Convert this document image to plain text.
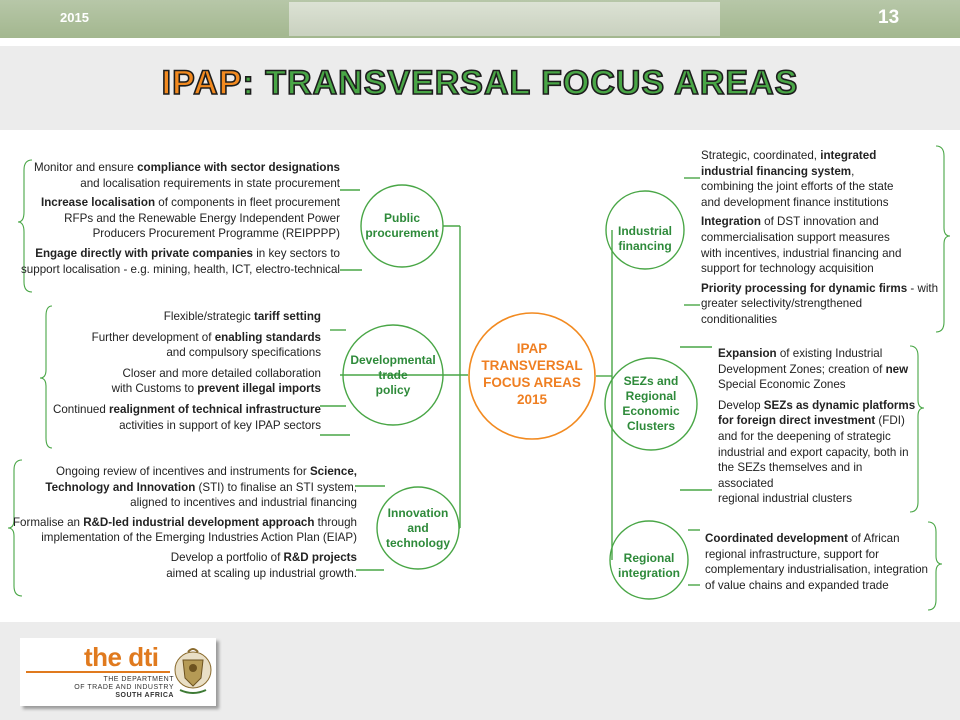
2015	13
IPAP: TRANSVERSAL FOCUS AREAS
IPAP
TRANSVERSAL
FOCUS AREAS
2015
Public
procurement
Developmental
trade
policy
Innovation
and
technology
Industrial
financing
SEZs and
Regional
Economic
Clusters
Regional
integration
Monitor and ensure compliance with sector designations
and localisation requirements in state procurement
Increase localisation of components in fleet procurement
RFPs and the Renewable Energy Independent Power
Producers Procurement Programme (REIPPPP)
Engage directly with private companies in key sectors to
support localisation - e.g. mining, health, ICT, electro-technical
Flexible/strategic tariff setting
Further development of enabling standards
and compulsory specifications
Closer and more detailed collaboration
with Customs to prevent illegal imports
Continued realignment of technical infrastructure
activities in support of key IPAP sectors
Ongoing review of incentives and instruments for Science,
Technology and Innovation (STI) to finalise an STI system,
aligned to incentives and industrial financing
Formalise an R&D-led industrial development approach through
implementation of the Emerging Industries Action Plan (EIAP)
Develop a portfolio of R&D projects
aimed at scaling up industrial growth.
Strategic, coordinated, integrated
industrial financing system,
combining the joint efforts of the state
and development finance institutions
Integration of DST innovation and
commercialisation support measures
with incentives, industrial financing and
support for technology acquisition
Priority processing for dynamic firms - with
greater selectivity/strengthened conditionalities
Expansion of existing Industrial
Development Zones; creation of new
Special Economic Zones
Develop SEZs as dynamic platforms
for foreign direct investment (FDI)
and for the deepening of strategic
industrial and export capacity, both in
the SEZs themselves and in associated
regional industrial clusters
Coordinated development of African
regional infrastructure, support for
complementary industrialisation, integration
of value chains and expanded trade
the dti
THE DEPARTMENT
OF TRADE AND INDUSTRY
SOUTH AFRICA
